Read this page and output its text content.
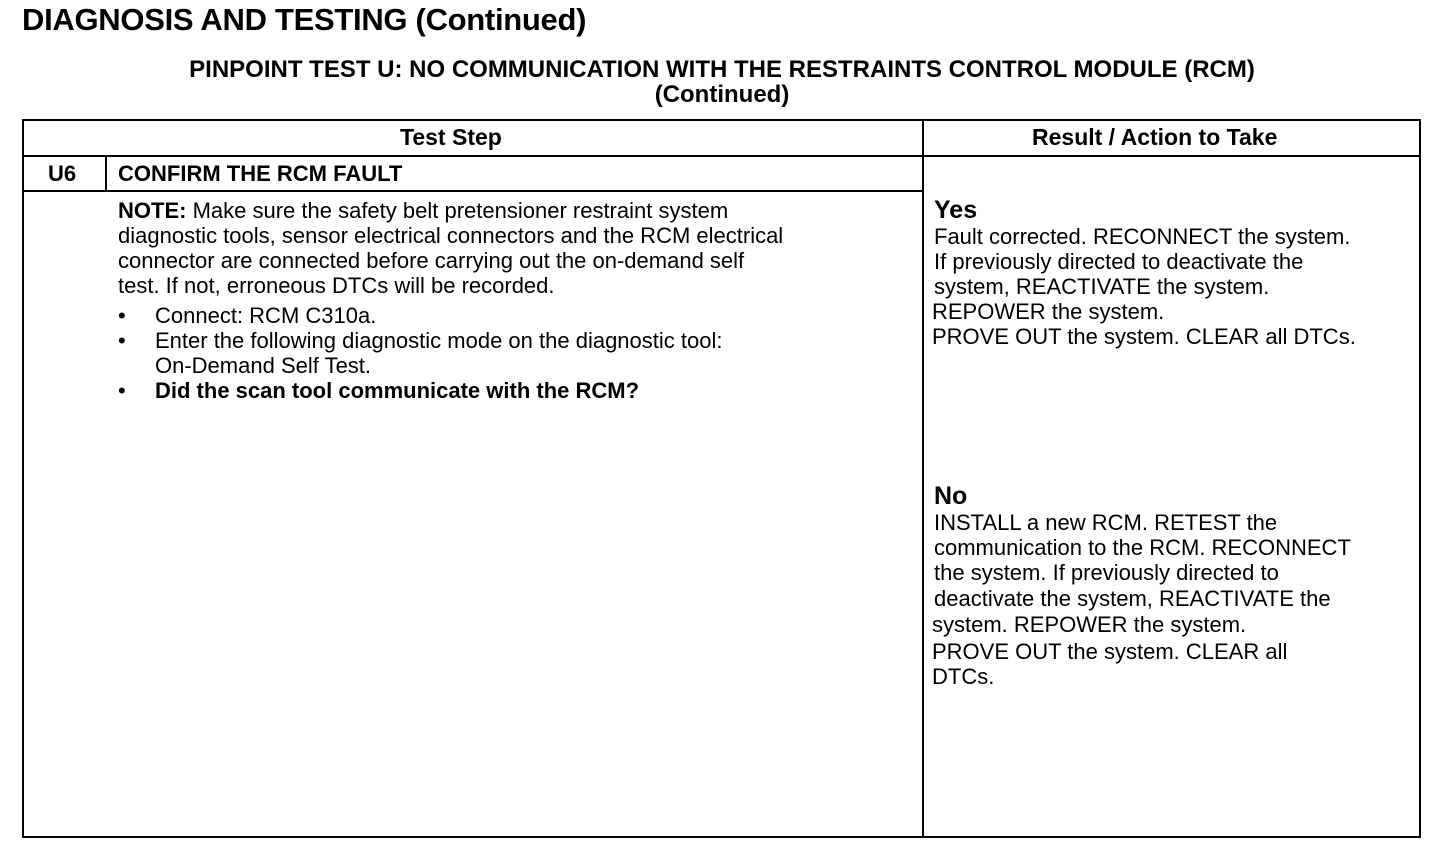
DIAGNOSIS AND TESTING (Continued)
PINPOINT TEST U: NO COMMUNICATION WITH THE RESTRAINTS CONTROL MODULE (RCM)
(Continued)
Test Step	Result / Action to Take
U6 CONFIRM THE RCM FAULT
NOTE: Make sure the safety belt pretensioner restraint system
diagnostic tools, sensor electrical connectors and the RCM electrical
connector are connected before carrying out the on-demand self
test. If not, erroneous DTCs will be recorded.
• Connect: RCM C310a.
• Enter the following diagnostic mode on the diagnostic tool:
On-Demand Self Test.
• Did the scan tool communicate with the RCM?
Yes
Fault corrected. RECONNECT the system.
If previously directed to deactivate the
system, REACTIVATE the system.
REPOWER the system.
PROVE OUT the system. CLEAR all DTCs.
No
INSTALL a new RCM. RETEST the
communication to the RCM. RECONNECT
the system. If previously directed to
deactivate the system, REACTIVATE the
system. REPOWER the system.
PROVE OUT the system. CLEAR all
DTCs.
